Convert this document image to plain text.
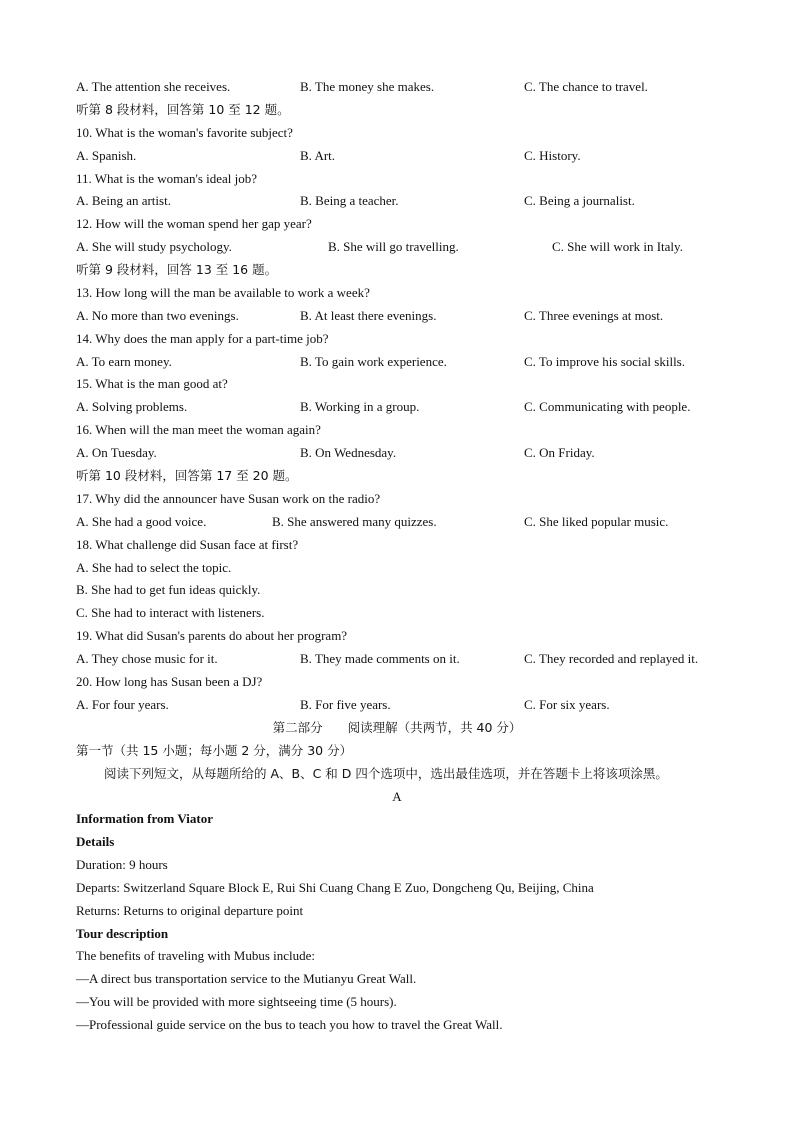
A. The attention she receives.	B. The money she makes.	C. The chance to travel.
听第 8 段材料，回答第 10 至 12 题。
10. What is the woman's favorite subject?
A. Spanish.	B. Art.	C. History.
11. What is the woman's ideal job?
A. Being an artist.	B. Being a teacher.	C. Being a journalist.
12. How will the woman spend her gap year?
A. She will study psychology.	B. She will go travelling.	C. She will work in Italy.
听第 9 段材料，回答 13 至 16 题。
13. How long will the man be available to work a week?
A. No more than two evenings.	B. At least there evenings.	C. Three evenings at most.
14. Why does the man apply for a part-time job?
A. To earn money.	B. To gain work experience.	C. To improve his social skills.
15. What is the man good at?
A. Solving problems.	B. Working in a group.	C. Communicating with people.
16. When will the man meet the woman again?
A. On Tuesday.	B. On Wednesday.	C. On Friday.
听第 10 段材料，回答第 17 至 20 题。
17. Why did the announcer have Susan work on the radio?
A. She had a good voice.	B. She answered many quizzes.	C. She liked popular music.
18. What challenge did Susan face at first?
A. She had to select the topic.
B. She had to get fun ideas quickly.
C. She had to interact with listeners.
19. What did Susan's parents do about her program?
A. They chose music for it.	B. They made comments on it.	C. They recorded and replayed it.
20. How long has Susan been a DJ?
A. For four years.	B. For five years.	C. For six years.
第二部分　　阅读理解（共两节，共 40 分）
第一节（共 15 小题；每小题 2 分，满分 30 分）
阅读下列短文，从每题所给的 A、B、C 和 D 四个选项中，选出最佳选项，并在答题卡上将该项涂黑。
A
Information from Viator
Details
Duration: 9 hours
Departs: Switzerland Square Block E, Rui Shi Cuang Chang E Zuo, Dongcheng Qu, Beijing, China
Returns: Returns to original departure point
Tour description
The benefits of traveling with Mubus include:
—A direct bus transportation service to the Mutianyu Great Wall.
—You will be provided with more sightseeing time (5 hours).
—Professional guide service on the bus to teach you how to travel the Great Wall.
